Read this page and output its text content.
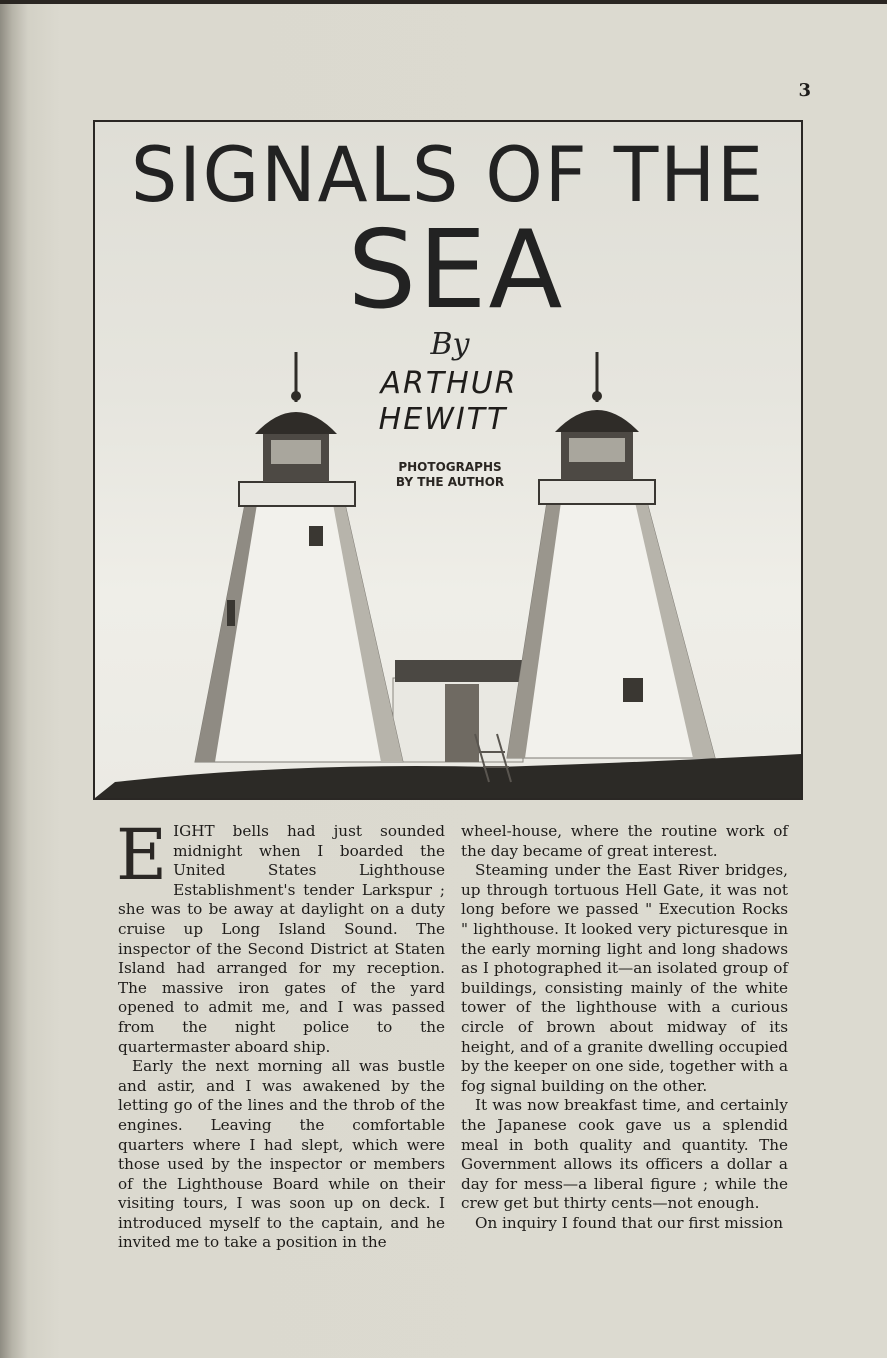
3
SIGNALS OF THE
SEA
By
ARTHUR
HEWITT
PHOTOGRAPHS
BY THE AUTHOR

EIGHT bells had just sounded midnight when I boarded the United States Lighthouse Establishment's tender Larkspur ; she was to be away at daylight on a duty cruise up Long Island Sound. The inspector of the Second District at Staten Island had arranged for my reception. The massive iron gates of the yard opened to admit me, and I was passed from the night police to the quartermaster aboard ship.

Early the next morning all was bustle and astir, and I was awakened by the letting go of the lines and the throb of the engines. Leaving the comfortable quarters where I had slept, which were those used by the inspector or members of the Lighthouse Board while on their visiting tours, I was soon up on deck. I introduced myself to the captain, and he invited me to take a position in the

wheel-house, where the routine work of the day became of great interest.

Steaming under the East River bridges, up through tortuous Hell Gate, it was not long before we passed " Execution Rocks " lighthouse. It looked very picturesque in the early morning light and long shadows as I photographed it—an isolated group of buildings, consisting mainly of the white tower of the lighthouse with a curious circle of brown about midway of its height, and of a granite dwelling occupied by the keeper on one side, together with a fog signal building on the other.

It was now breakfast time, and certainly the Japanese cook gave us a splendid meal in both quality and quantity. The Government allows its officers a dollar a day for mess—a liberal figure ; while the crew get but thirty cents—not enough.

On inquiry I found that our first mission
